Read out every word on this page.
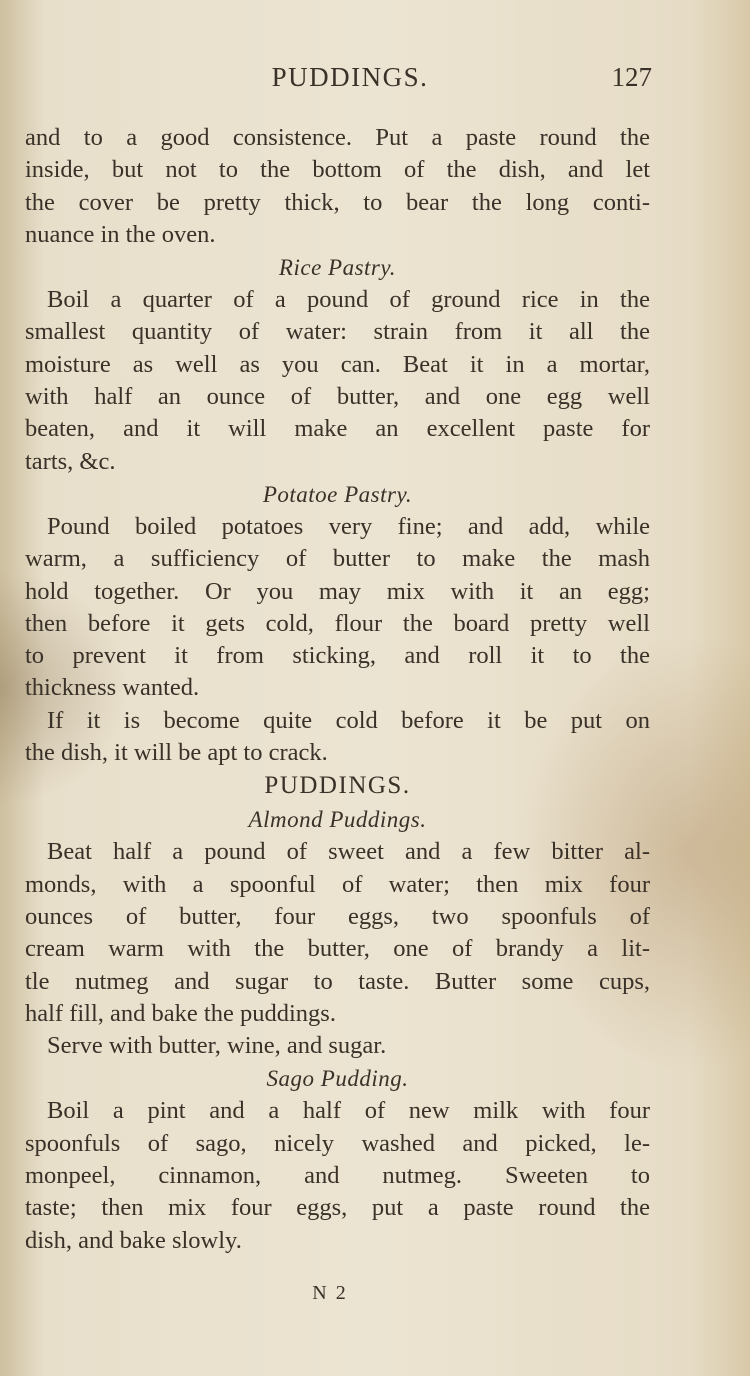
PUDDINGS.	127
and to a good consistence. Put a paste round the
inside, but not to the bottom of the dish, and let
the cover be pretty thick, to bear the long conti-
nuance in the oven.
Rice Pastry.
Boil a quarter of a pound of ground rice in the
smallest quantity of water: strain from it all the
moisture as well as you can. Beat it in a mortar,
with half an ounce of butter, and one egg well
beaten, and it will make an excellent paste for
tarts, &c.
Potatoe Pastry.
Pound boiled potatoes very fine; and add, while
warm, a sufficiency of butter to make the mash
hold together. Or you may mix with it an egg;
then before it gets cold, flour the board pretty well
to prevent it from sticking, and roll it to the
thickness wanted.
If it is become quite cold before it be put on
the dish, it will be apt to crack.
PUDDINGS.
Almond Puddings.
Beat half a pound of sweet and a few bitter al-
monds, with a spoonful of water; then mix four
ounces of butter, four eggs, two spoonfuls of
cream warm with the butter, one of brandy a lit-
tle nutmeg and sugar to taste. Butter some cups,
half fill, and bake the puddings.
Serve with butter, wine, and sugar.
Sago Pudding.
Boil a pint and a half of new milk with four
spoonfuls of sago, nicely washed and picked, le-
monpeel, cinnamon, and nutmeg. Sweeten to
taste; then mix four eggs, put a paste round the
dish, and bake slowly.
N 2
